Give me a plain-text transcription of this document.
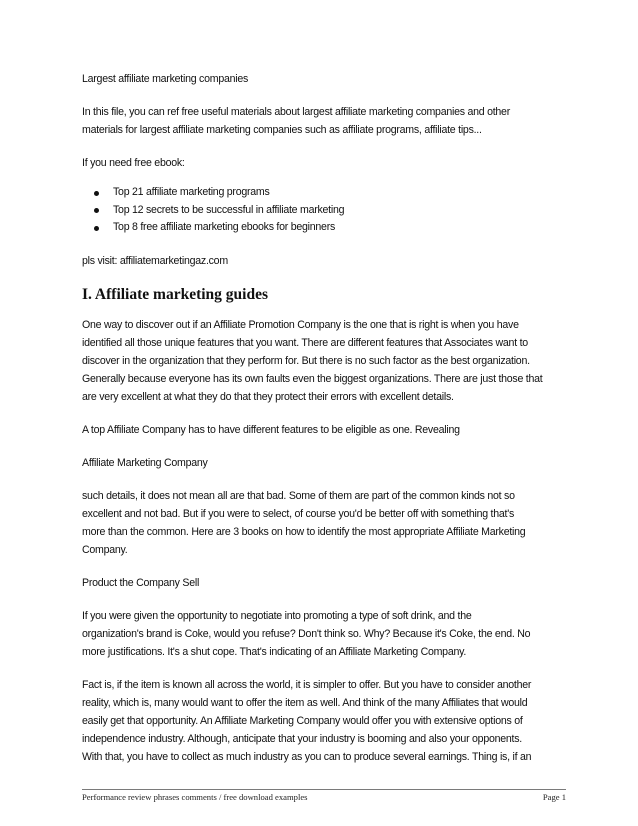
Largest affiliate marketing companies

In this file, you can ref free useful materials about largest affiliate marketing companies and other

materials for largest affiliate marketing companies such as affiliate programs, affiliate tips...

If you need free ebook:

Top 21 affiliate marketing programs
Top 12 secrets to be successful in affiliate marketing
Top 8 free affiliate marketing ebooks for beginners

pls visit: affiliatemarketingaz.com

I. Affiliate marketing guides

One way to discover out if an Affiliate Promotion Company is the one that is right is when you have

identified all those unique features that you want. There are different features that Associates want to

discover in the organization that they perform for. But there is no such factor as the best organization.

Generally because everyone has its own faults even the biggest organizations. There are just those that

are very excellent at what they do that they protect their errors with excellent details.

A top Affiliate Company has to have different features to be eligible as one. Revealing

Affiliate Marketing Company

such details, it does not mean all are that bad. Some of them are part of the common kinds not so

excellent and not bad. But if you were to select, of course you'd be better off with something that's

more than the common. Here are 3 books on how to identify the most appropriate Affiliate Marketing

Company.

Product the Company Sell

If you were given the opportunity to negotiate into promoting a type of soft drink, and the

organization's brand is Coke, would you refuse? Don't think so. Why? Because it's Coke, the end. No

more justifications. It's a shut cope. That's indicating of an Affiliate Marketing Company.

Fact is, if the item is known all across the world, it is simpler to offer. But you have to consider another

reality, which is, many would want to offer the item as well. And think of the many Affiliates that would

easily get that opportunity. An Affiliate Marketing Company would offer you with extensive options of

independence industry. Although, anticipate that your industry is booming and also your opponents.

With that, you have to collect as much industry as you can to produce several earnings. Thing is, if an

Performance review phrases comments / free download examples	Page 1
